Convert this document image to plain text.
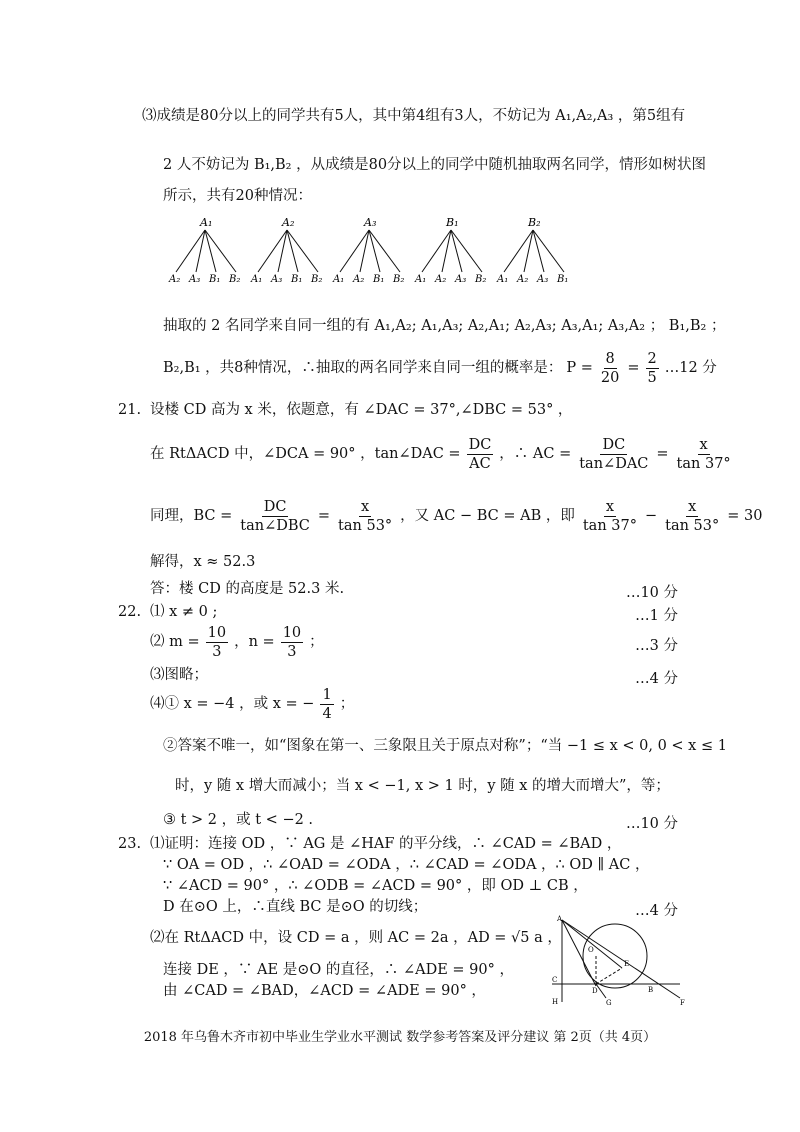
⑶成绩是80分以上的同学共有5人，其中第4组有3人，不妨记为 A₁,A₂,A₃ ，第5组有
2 人不妨记为 B₁,B₂ ，从成绩是80分以上的同学中随机抽取两名同学，情形如树状图
所示，共有20种情况：
A₁
A₂ A₃ B₁ B₂
A₂
A₁ A₃ B₁ B₂
A₃
A₁ A₂ B₁ B₂
B₁
A₁ A₂ A₃ B₂
B₂
A₁ A₂ A₃ B₁
抽取的 2 名同学来自同一组的有 A₁,A₂; A₁,A₃; A₂,A₁; A₂,A₃; A₃,A₁; A₃,A₂ ； B₁,B₂ ；
B₂,B₁ ，共8种情况，∴抽取的两名同学来自同一组的概率是： $P = \frac{8}{20} = \frac{2}{5}$ …12 分
21. 设楼 CD 高为 x 米，依题意，有 ∠DAC = 37°,∠DBC = 53° ，
在 RtΔACD 中，∠DCA = 90° ，tan∠DAC = $\frac{DC}{AC}$ ，∴ AC = $\frac{DC}{\text{tan∠DAC}} = \frac{x}{\tan 37^\circ}$
同理，BC = $\frac{DC}{\text{tan∠DBC}} = \frac{x}{\tan 53^\circ}$ ，又 AC − BC = AB ，即 $\frac{x}{\tan 37^\circ} - \frac{x}{\tan 53^\circ} = 30$
解得，x ≈ 52.3
答：楼 CD 的高度是 52.3 米.	…10 分
22. ⑴ x ≠ 0 ;	…1 分
⑵ $m = \frac{10}{3}$ ，$n = \frac{10}{3}$ ；	…3 分
⑶图略；	…4 分
⑷① x = −4 ，或 x = − $\frac{1}{4}$ ；
②答案不唯一，如“图象在第一、三象限且关于原点对称”；“当 −1 ≤ x < 0, 0 < x ≤ 1
时，y 随 x 增大而减小；当 x < −1, x > 1 时，y 随 x 的增大而增大”，等；
③ t > 2 ，或 t < −2 .	…10 分
23. ⑴证明：连接 OD ，∵ AG 是 ∠HAF 的平分线，∴ ∠CAD = ∠BAD ，
∵ OA = OD ，∴ ∠OAD = ∠ODA ，∴ ∠CAD = ∠ODA ，∴ OD ∥ AC ，
∵ ∠ACD = 90° ，∴ ∠ODB = ∠ACD = 90° ，即 OD ⊥ CB ，
D 在⊙O 上，∴直线 BC 是⊙O 的切线；	…4 分
⑵在 RtΔACD 中，设 CD = a ，则 AC = 2a ，AD = √5 a ，
连接 DE ，∵ AE 是⊙O 的直径，∴ ∠ADE = 90° ，
由 ∠CAD = ∠BAD，∠ACD = ∠ADE = 90° ，
A
O
E
C
D
G
B
F
H
2018 年乌鲁木齐市初中毕业生学业水平测试 数学参考答案及评分建议 第 2页（共 4页）
